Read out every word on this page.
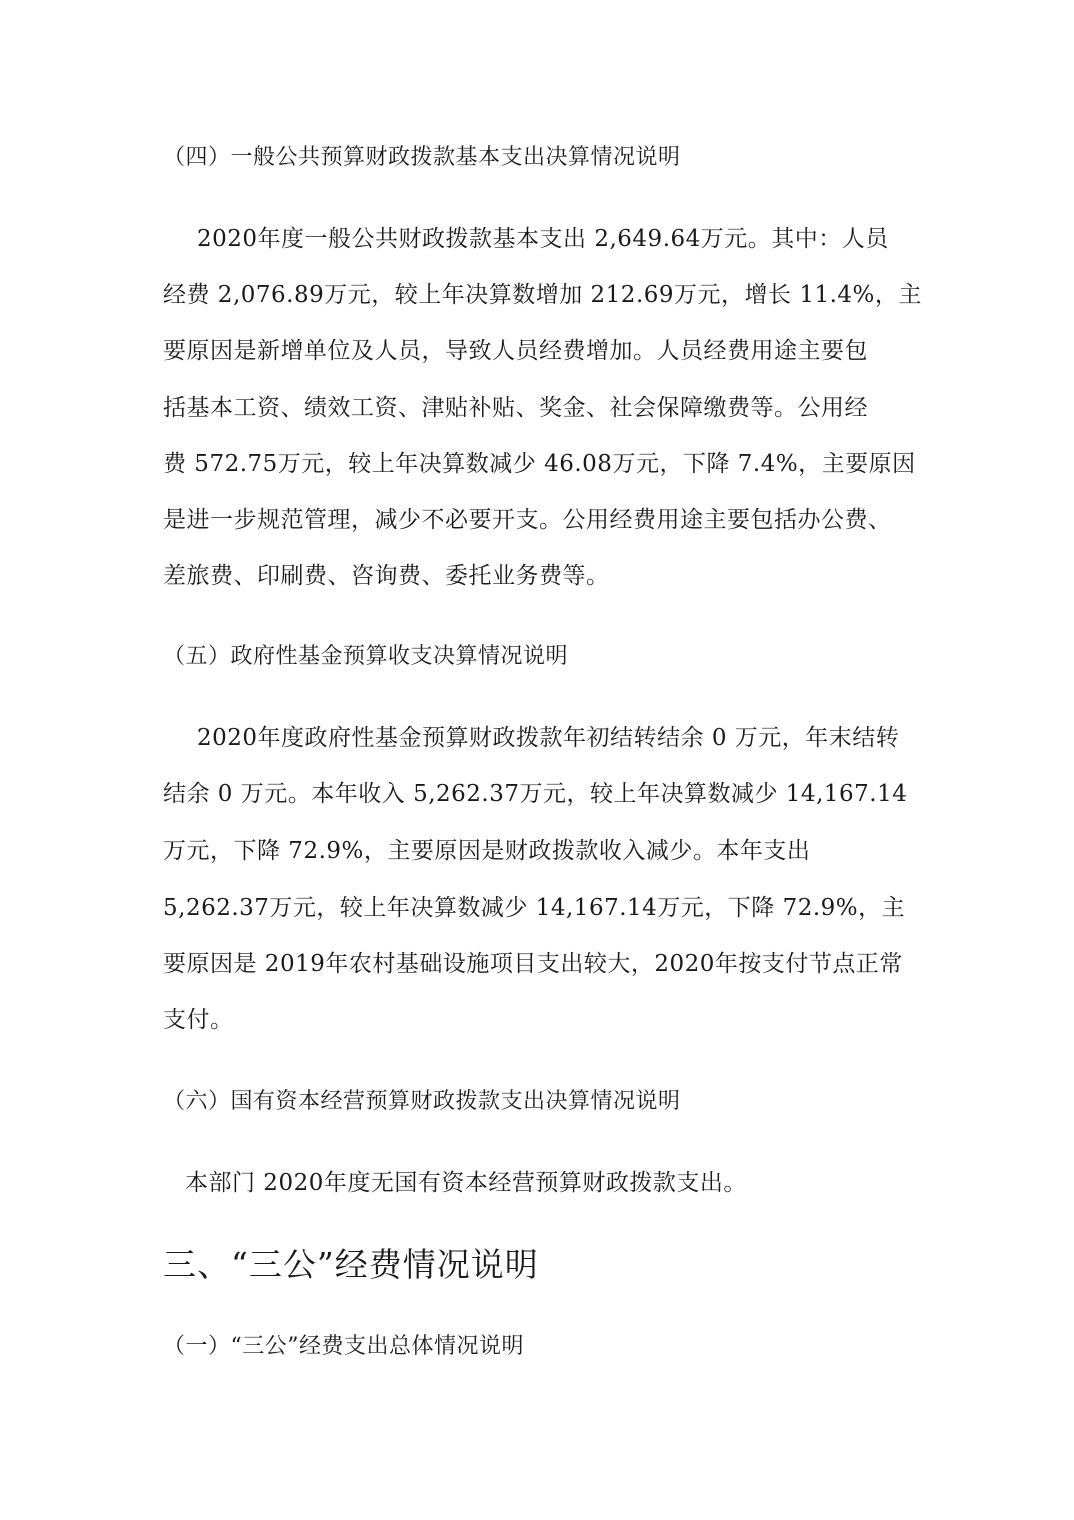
（四）一般公共预算财政拨款基本支出决算情况说明
2020年度一般公共财政拨款基本支出 2,649.64万元。其中：人员
经费 2,076.89万元，较上年决算数增加 212.69万元，增长 11.4%，主
要原因是新增单位及人员，导致人员经费增加。人员经费用途主要包
括基本工资、绩效工资、津贴补贴、奖金、社会保障缴费等。公用经
费 572.75万元，较上年决算数减少 46.08万元，下降 7.4%，主要原因
是进一步规范管理，减少不必要开支。公用经费用途主要包括办公费、
差旅费、印刷费、咨询费、委托业务费等。
（五）政府性基金预算收支决算情况说明
2020年度政府性基金预算财政拨款年初结转结余 0 万元，年末结转
结余 0 万元。本年收入 5,262.37万元，较上年决算数减少 14,167.14
万元，下降 72.9%，主要原因是财政拨款收入减少。本年支出
5,262.37万元，较上年决算数减少 14,167.14万元，下降 72.9%，主
要原因是 2019年农村基础设施项目支出较大，2020年按支付节点正常
支付。
（六）国有资本经营预算财政拨款支出决算情况说明
本部门 2020年度无国有资本经营预算财政拨款支出。
三、“三公”经费情况说明
（一）“三公”经费支出总体情况说明
